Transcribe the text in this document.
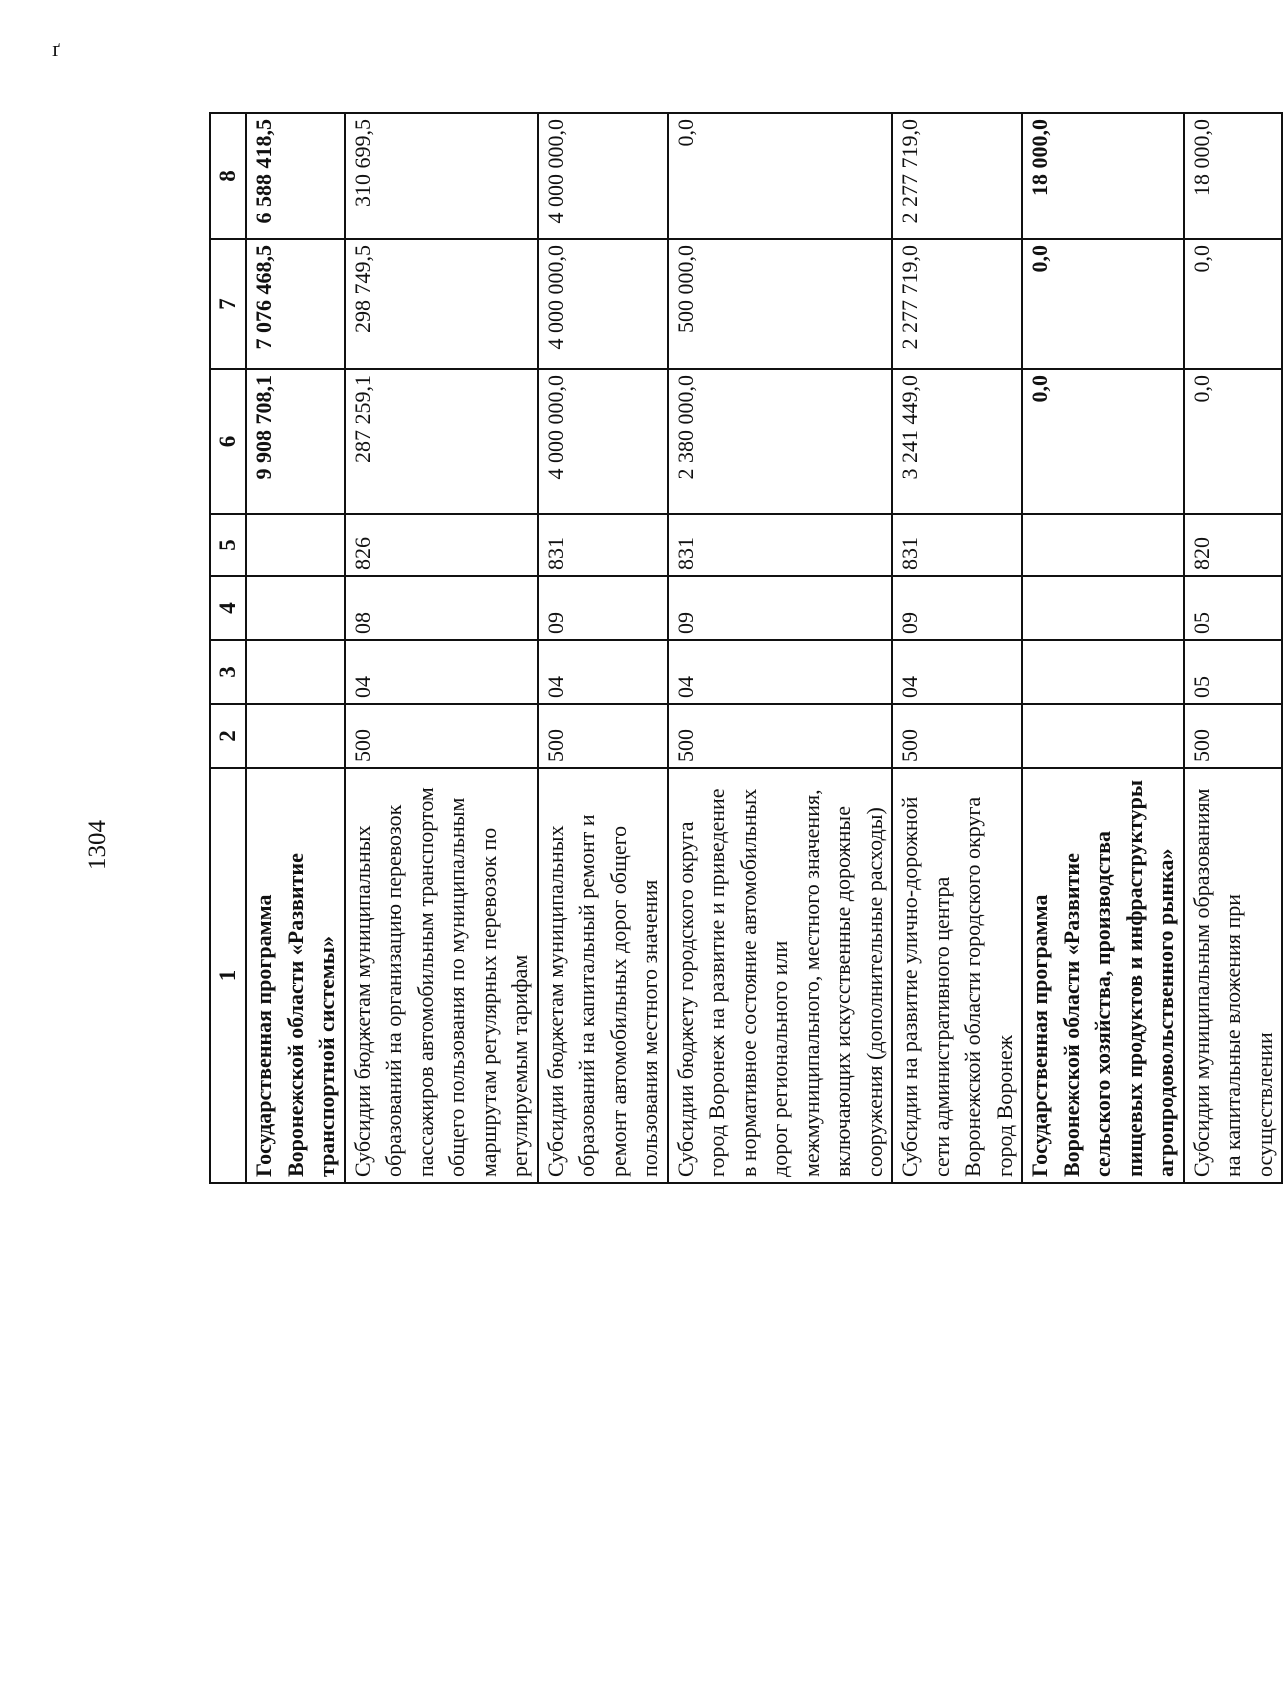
ґ
1304
1	2	3	4	5	6	7	8
Государственная программа Воронежской области «Развитие транспортной системы»					9 908 708,1	7 076 468,5	6 588 418,5
Субсидии бюджетам муниципальных образований на организацию перевозок пассажиров автомобильным транспортом общего пользования по муниципальным маршрутам регулярных перевозок по регулируемым тарифам	500	04	08	826	287 259,1	298 749,5	310 699,5
Субсидии бюджетам муниципальных образований на капитальный ремонт и ремонт автомобильных дорог общего пользования местного значения	500	04	09	831	4 000 000,0	4 000 000,0	4 000 000,0
Субсидии бюджету городского округа город Воронеж на развитие и приведение в нормативное состояние автомобильных дорог регионального или межмуниципального, местного значения, включающих искусственные дорожные сооружения (дополнительные расходы)	500	04	09	831	2 380 000,0	500 000,0	0,0
Субсидии на развитие улично-дорожной сети административного центра Воронежской области городского округа город Воронеж	500	04	09	831	3 241 449,0	2 277 719,0	2 277 719,0
Государственная программа Воронежской области «Развитие сельского хозяйства, производства пищевых продуктов и инфраструктуры агропродовольственного рынка»					0,0	0,0	18 000,0
Субсидии муниципальным образованиям на капитальные вложения при осуществлении	500	05	05	820	0,0	0,0	18 000,0
